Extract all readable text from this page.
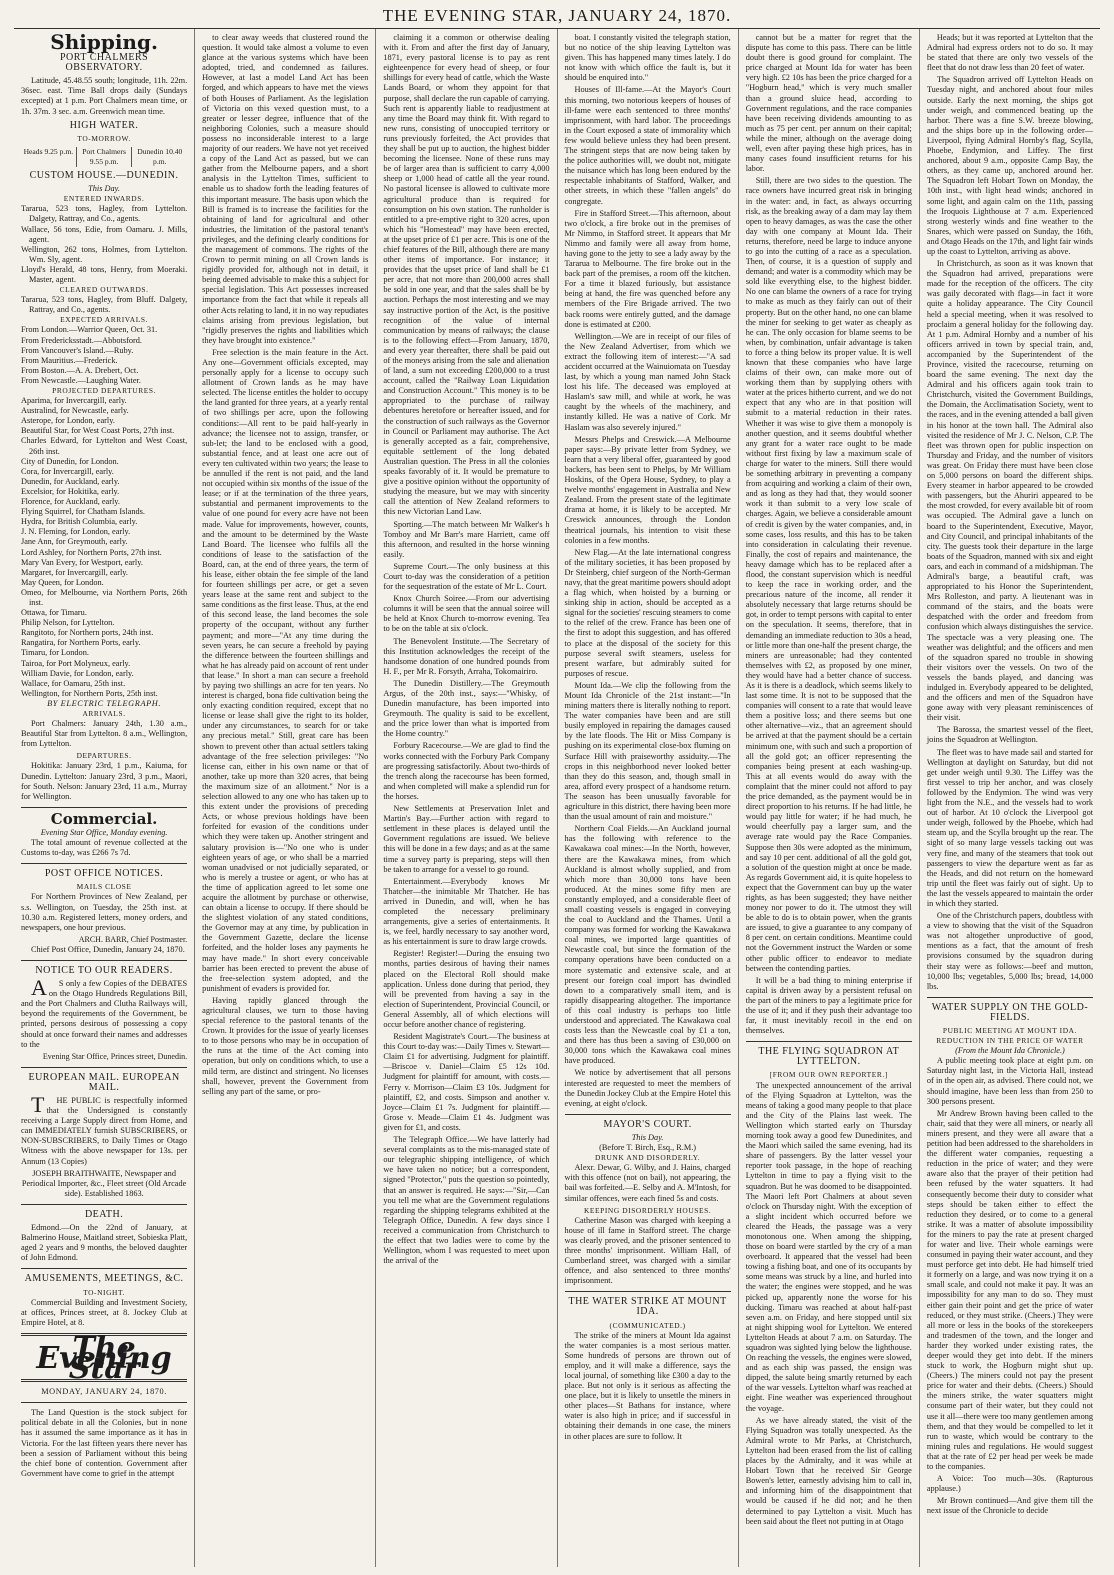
THE EVENING STAR, JANUARY 24, 1870.
Shipping.
PORT CHALMERS OBSERVATORY.

Latitude, 45.48.55 south; longitude, 11h. 22m. 36sec. east. Time Ball drops daily (Sundays excepted) at 1 p.m. Port Chalmers mean time, or 1h. 37m. 3 sec. a.m. Greenwich mean time.

HIGH WATER.
TO-MORROW.
Heads 9.25 p.m.	Port Chalmers 9.55 p.m.
Dunedin 10.40 p.m.
CUSTOM HOUSE.—DUNEDIN.
This Day.
ENTERED INWARDS.

Tararua, 523 tons, Hagley, from Lyttelton. Dalgety, Rattray, and Co., agents.

Wallace, 56 tons, Edie, from Oamaru. J. Mills, agent.

Wellington, 262 tons, Holmes, from Lyttelton. Wm. Sly, agent.

Lloyd's Herald, 48 tons, Henry, from Moeraki. Master, agent.

CLEARED OUTWARDS.

Tararua, 523 tons, Hagley, from Bluff. Dalgety, Rattray, and Co., agents.

EXPECTED ARRIVALS.

From London.—Warrior Queen, Oct. 31.

From Fredericksstadt.—Abbotsford.

From Vancouver's Island.—Ruby.

From Mauritius.—Frederick.

From Boston.—A. A. Drebert, Oct.

From Newcastle.—Laughing Water.

PROJECTED DEPARTURES.

Aparima, for Invercargill, early.

Australind, for Newcastle, early.

Asterope, for London, early.

Beautiful Star, for West Coast Ports, 27th inst.

Charles Edward, for Lyttelton and West Coast, 26th inst.

City of Dunedin, for London.

Cora, for Invercargill, early.

Dunedin, for Auckland, early.

Excelsior, for Hokitika, early.

Florence, for Auckland, early.

Flying Squirrel, for Chatham Islands.

Hydra, for British Columbia, early.

J. N. Fleming, for London, early.

Jane Ann, for Greymouth, early.

Lord Ashley, for Northern Ports, 27th inst.

Mary Van Every, for Westport, early.

Margaret, for Invercargill, early.

May Queen, for London.

Omeo, for Melbourne, via Northern Ports, 26th inst.

Ottawa, for Timaru.

Philip Nelson, for Lyttelton.

Rangitoto, for Northern ports, 24th inst.

Rangatira, for Northern Ports, early.

Timaru, for London.

Tairoa, for Port Molyneux, early.

William Davie, for London, early.

Wallace, for Oamaru, 25th inst.

Wellington, for Northern Ports, 25th inst.

BY ELECTRIC TELEGRAPH.
ARRIVALS.

Port Chalmers: January 24th, 1.30 a.m., Beautiful Star from Lyttelton. 8 a.m., Wellington, from Lyttelton.

DEPARTURES.

Hokitika: January 23rd, 1 p.m., Kaiuma, for Dunedin. Lyttelton: January 23rd, 3 p.m., Maori, for South. Nelson: January 23rd, 11 a.m., Murray for Wellington.

Commercial.
Evening Star Office, Monday evening.

The total amount of revenue collected at the Customs to-day, was £266 7s 7d.

POST OFFICE NOTICES.
MAILS CLOSE

For Northern Provinces of New Zealand, per s.s. Wellington, on Tuesday, the 25th inst. at 10.30 a.m. Registered letters, money orders, and newspapers, one hour previous.

ARCH. BARR, Chief Postmaster.

Chief Post Office, Dunedin, January 24, 1870.

NOTICE TO OUR READERS.

A S only a few Copies of the DEBATES on the Otago Hundreds Regulations Bill, and the Port Chalmers and Clutha Railways will, beyond the requirements of the Government, be printed, persons desirous of possessing a copy should at once forward their names and addresses to the

Evening Star Office, Princes street, Dunedin.
EUROPEAN MAIL. EUROPEAN MAIL.

T HE PUBLIC is respectfully informed that the Undersigned is constantly receiving a Large Supply direct from Home, and can IMMEDIATELY furnish SUBSCRIBERS, or NON-SUBSCRIBERS, to Daily Times or Otago Witness with the above newspaper for 13s. per Annum (13 Copies)

JOSEPH BRAITHWAITE, Newspaper and Periodical Importer, &c., Fleet street (Old Arcade side). Established 1863.
DEATH.

Edmond.—On the 22nd of January, at Balmerino House, Maitland street, Sobieska Platt, aged 2 years and 9 months, the beloved daughter of John Edmond.

AMUSEMENTS, MEETINGS, &C.
TO-NIGHT.

Commercial Building and Investment Society, at offices, Princes street, at 8. Jockey Club at Empire Hotel, at 8.

The Evening Star
MONDAY, JANUARY 24, 1870.

The Land Question is the stock subject for political debate in all the Colonies, but in none has it assumed the same importance as it has in Victoria. For the last fifteen years there never has been a session of Parliament without this being the chief bone of contention. Government after Government have come to grief in the attempt

to clear away weeds that clustered round the question. It would take almost a volume to even glance at the various systems which have been adopted, tried, and condemned as failures. However, at last a model Land Act has been forged, and which appears to have met the views of both Houses of Parliament. As the legislation of Victoria on this vexed question must, to a greater or lesser degree, influence that of the neighboring Colonies, such a measure should possess no inconsiderable interest to a large majority of our readers. We have not yet received a copy of the Land Act as passed, but we can gather from the Melbourne papers, and a short analysis in the Lyttelton Times, sufficient to enable us to shadow forth the leading features of this important measure. The basis upon which the Bill is framed is to increase the facilities for the obtaining of land for agricultural and other industries, the limitation of the pastoral tenant's privileges, and the defining clearly conditions for the management of commons. The rights of the Crown to permit mining on all Crown lands is rigidly provided for, although not in detail, it being deemed advisable to make this a subject for special legislation. This Act possesses increased importance from the fact that while it repeals all other Acts relating to land, it in no way repudiates claims arising from previous legislation, but "rigidly preserves the rights and liabilities which they have brought into existence."

Free selection is the main feature in the Act. Any one—Government officials excepted, may personally apply for a license to occupy such allotment of Crown lands as he may have selected. The license entitles the holder to occupy the land granted for three years, at a yearly rental of two shillings per acre, upon the following conditions:—All rent to be paid half-yearly in advance; the licensee not to assign, transfer, or sub-let; the land to be enclosed with a good, substantial fence, and at least one acre out of every ten cultivated within two years; the lease to be annulled if the rent is not paid, and the land not occupied within six months of the issue of the lease; or if at the termination of the three years, substantial and permanent improvements to the value of one pound for every acre have not been made. Value for improvements, however, counts, and the amount to be determined by the Waste Land Board. The licensee who fulfils all the conditions of lease to the satisfaction of the Board, can, at the end of three years, the term of his lease, either obtain the fee simple of the land for fourteen shillings per acre, or get a seven years lease at the same rent and subject to the same conditions as the first lease. Thus, at the end of this second lease, the land becomes the sole property of the occupant, without any further payment; and more—"At any time during the seven years, he can secure a freehold by paying the difference between the fourteen shillings and what he has already paid on account of rent under that lease." In short a man can secure a freehold by paying two shillings an acre for ten years. No interest is charged, bona fide cultivation being the only exacting condition required, except that no license or lease shall give the right to its holder, under any circumstances, to search for or take any precious metal." Still, great care has been shown to prevent other than actual settlers taking advantage of the free selection privileges: "No license can, either in his own name or that of another, take up more than 320 acres, that being the maximum size of an allotment." Nor is a selection allowed to any one who has taken up to this extent under the provisions of preceding Acts, or whose previous holdings have been forfeited for evasion of the conditions under which they were taken up. Another stringent and salutary provision is—"No one who is under eighteen years of age, or who shall be a married woman unadvised or not judicially separated, or who is merely a trustee or agent, or who has at the time of application agreed to let some one acquire the allotment by purchase or otherwise, can obtain a license to occupy. If there should be the slightest violation of any stated conditions, the Governor may at any time, by publication in the Government Gazette, declare the license forfeited, and the holder loses any payments he may have made." In short every conceivable barrier has been erected to prevent the abuse of the free-selection system adopted, and the punishment of evaders is provided for.

Having rapidly glanced through the agricultural clauses, we turn to those having special reference to the pastoral tenants of the Crown. It provides for the issue of yearly licenses to to those persons who may be in occupation of the runs at the time of the Act coming into operation, but only on conditions which, to use a mild term, are distinct and stringent. No licenses shall, however, prevent the Government from selling any part of the same, or pro-

claiming it a common or otherwise dealing with it. From and after the first day of January, 1871, every pastoral license is to pay as rent eighteenpence for every head of sheep, or four shillings for every head of cattle, which the Waste Lands Board, or whom they appoint for that purpose, shall declare the run capable of carrying. Such rent is apparently liable to readjustment at any time the Board may think fit. With regard to new runs, consisting of unoccupied territory or runs previously forfeited, the Act provides that they shall be put up to auction, the highest bidder becoming the licensee. None of these runs may be of larger area than is sufficient to carry 4,000 sheep or 1,000 head of cattle all the year round. No pastoral licensee is allowed to cultivate more agricultural produce than is required for consumption on his own station. The runholder is entitled to a pre-emptive right to 320 acres, upon which his "Homestead" may have been erected, at the upset price of £1 per acre. This is one of the chief features of the Bill, although there are many other items of importance. For instance; it provides that the upset price of land shall be £1 per acre, that not more than 200,000 acres shall be sold in one year, and that the sales shall be by auction. Perhaps the most interesting and we may say instructive portion of the Act, is the positive recognition of the value of internal communication by means of railways; the clause is to the following effect—From January, 1870, and every year thereafter, there shall be paid out of the moneys arising from the sale and alienation of land, a sum not exceeding £200,000 to a trust account, called the "Railway Loan Liquidation and Construction Account." This money is to be appropriated to the purchase of railway debentures heretofore or hereafter issued, and for the construction of such railways as the Governor in Council or Parliament may authorise. The Act is generally accepted as a fair, comprehensive, equitable settlement of the long debated Australian question. The Press in all the colonies speaks favorably of it. It would be premature to give a positive opinion without the opportunity of studying the measure, but we may with sincerity call the attention of New Zealand reformers to this new Victorian Land Law.

Sporting.—The match between Mr Walker's h Tomboy and Mr Barr's mare Harriett, came off this afternoon, and resulted in the horse winning easily.

Supreme Court.—The only business at this Court to-day was the consideration of a petition for the sequestration of the estate of Mr L. Court.

Knox Church Soiree.—From our advertising columns it will be seen that the annual soiree will be held at Knox Church to-morrow evening. Tea to be on the table at six o'clock.

The Benevolent Institute.—The Secretary of this Institution acknowledges the receipt of the handsome donation of one hundred pounds from H. F., per Mr R. Forsyth, Arraha, Tokomairiro.

The Dunedin Distillery.—The Greymouth Argus, of the 20th inst., says:—"Whisky, of Dunedin manufacture, has been imported into Greymouth. The quality is said to be excellent, and the price lower than what is imported from the Home country."

Forbury Racecourse.—We are glad to find the works connected with the Forbury Park Company are progressing satisfactorily. About two-thirds of the trench along the racecourse has been formed, and when completed will make a splendid run for the horses.

New Settlements at Preservation Inlet and Martin's Bay.—Further action with regard to settlement in these places is delayed until the Government regulations are issued. We believe this will be done in a few days; and as at the same time a survey party is preparing, steps will then be taken to arrange for a vessel to go round.

Entertainment.—Everybody knows Mr Thatcher—the inimitable Mr Thatcher. He has arrived in Dunedin, and will, when he has completed the necessary preliminary arrangements, give a series of entertainments. It is, we feel, hardly necessary to say another word, as his entertainment is sure to draw large crowds.

Register! Register!—During the ensuing two months, parties desirous of having their names placed on the Electoral Roll should make application. Unless done during that period, they will be prevented from having a say in the election of Superintendent, Provincial Council, or General Assembly, all of which elections will occur before another chance of registering.

Resident Magistrate's Court.—The business at this Court to-day was:—Daily Times v. Stewart—Claim £1 for advertising. Judgment for plaintiff.—Briscoe v. Daniel—Claim £5 12s 10d. Judgment for plaintiff for amount, with costs.—Ferry v. Morrison—Claim £3 10s. Judgment for plaintiff, £2, and costs. Simpson and another v. Joyce—Claim £1 7s. Judgment for plaintiff.—Grose v. Meade—Claim £1 4s. Judgment was given for £1, and costs.

The Telegraph Office.—We have latterly had several complaints as to the mis-managed state of our telegraphic shipping intelligence, of which we have taken no notice; but a correspondent, signed "Protector," puts the question so pointedly, that an answer is required. He says:—"Sir,—Can you tell me what are the Government regulations regarding the shipping telegrams exhibited at the Telegraph Office, Dunedin. A few days since I received a communication from Christchurch to the effect that two ladies were to come by the Wellington, whom I was requested to meet upon the arrival of the

boat. I constantly visited the telegraph station, but no notice of the ship leaving Lyttelton was given. This has happened many times lately. I do not know with which office the fault is, but it should be enquired into."

Houses of Ill-fame.—At the Mayor's Court this morning, two notorious keepers of houses of ill-fame were each sentenced to three months' imprisonment, with hard labor. The proceedings in the Court exposed a state of immorality which few would believe unless they had been present. The stringent steps that are now being taken by the police authorities will, we doubt not, mitigate the nuisance which has long been endured by the respectable inhabitants of Stafford, Walker, and other streets, in which these "fallen angels" do congregate.

Fire in Stafford Street.—This afternoon, about two o'clock, a fire broke out in the premises of Mr Nimmo, in Stafford street. It appears that Mr Nimmo and family were all away from home, having gone to the jetty to see a lady away by the Tararua to Melbourne. The fire broke out in the back part of the premises, a room off the kitchen. For a time it blazed furiously, but assistance being at hand, the fire was quenched before any members of the Fire Brigade arrived. The two back rooms were entirely gutted, and the damage done is estimated at £200.

Wellington.—We are in receipt of our files of the New Zealand Advertiser, from which we extract the following item of interest:—"A sad accident occurred at the Wainuiomata on Tuesday last, by which a young man named John Stack lost his life. The deceased was employed at Haslam's saw mill, and while at work, he was caught by the wheels of the machinery, and instantly killed. He was a native of Cork. Mr Haslam was also severely injured."

Messrs Phelps and Creswick.—A Melbourne paper says:—By private letter from Sydney, we learn that a very liberal offer, guaranteed by good backers, has been sent to Phelps, by Mr William Hoskins, of the Opera House, Sydney, to play a twelve months' engagement in Australia and New Zealand. From the present state of the legitimate drama at home, it is likely to be accepted. Mr Creswick announces, through the London theatrical journals, his intention to visit these colonies in a few months.

New Flag.—At the late international congress of the military societies, it has been proposed by Dr Steinberg, chief surgeon of the North-German navy, that the great maritime powers should adopt a flag which, when hoisted by a burning or sinking ship in action, should be accepted as a signal for the societies' rescuing steamers to come to the relief of the crew. France has been one of the first to adopt this suggestion, and has offered to place at the disposal of the society for this purpose several swift steamers, useless for present warfare, but admirably suited for purposes of rescue.

Mount Ida.—We clip the following from the Mount Ida Chronicle of the 21st instant:—"In mining matters there is literally nothing to report. The water companies have been and are still busily employed in repairing the damages caused by the late floods. The Hit or Miss Company is pushing on its experimental close-box fluming on Surface Hill with praiseworthy assiduity.—The crops in this neighborhood never looked better than they do this season, and, though small in area, afford every prospect of a handsome return. The season has been unusually favorable for agriculture in this district, there having been more than the usual amount of rain and moisture."

Northern Coal Fields.—An Auckland journal has the following with reference to the Kawakawa coal mines:—In the North, however, there are the Kawakawa mines, from which Auckland is almost wholly supplied, and from which more than 30,000 tons have been produced. At the mines some fifty men are constantly employed, and a considerable fleet of small coasting vessels is engaged in conveying the coal to Auckland and the Thames. Until a company was formed for working the Kawakawa coal mines, we imported large quantities of Newcastle coal, but since the formation of the company operations have been conducted on a more systematic and extensive scale, and at present our foreign coal import has dwindled down to a comparatively small item, and is rapidly disappearing altogether. The importance of this coal industry is perhaps too little understood and appreciated. The Kawakawa coal costs less than the Newcastle coal by £1 a ton, and there has thus been a saving of £30,000 on 30,000 tons which the Kawakawa coal mines have produced.

We notice by advertisement that all persons interested are requested to meet the members of the Dunedin Jockey Club at the Empire Hotel this evening, at eight o'clock.

MAYOR'S COURT.
This Day.
(Before T. Birch, Esq., R.M.)
DRUNK AND DISORDERLY.

Alexr. Dewar, G. Wilby, and J. Hains, charged with this offence (not on bail), not appearing, the bail was forfeited.—E. Selby and A. M'Intosh, for similar offences, were each fined 5s and costs.

KEEPING DISORDERLY HOUSES.

Catherine Mason was charged with keeping a house of ill fame in Stafford street. The charge was clearly proved, and the prisoner sentenced to three months' imprisonment. William Hall, of Cumberland street, was charged with a similar offence, and also sentenced to three months' imprisonment.

THE WATER STRIKE AT MOUNT IDA.
(COMMUNICATED.)

The strike of the miners at Mount Ida against the water companies is a most serious matter. Some hundreds of persons are thrown out of employ, and it will make a difference, says the local journal, of something like £300 a day to the place. But not only is it serious as affecting the one place, but it is likely to unsettle the miners in other places—St Bathans for instance, where water is also high in price; and if successful in obtaining their demands in one case, the miners in other places are sure to follow. It

cannot but be a matter for regret that the dispute has come to this pass. There can be little doubt there is good ground for complaint. The price charged at Mount Ida for water has been very high. £2 10s has been the price charged for a "Hogburn head," which is very much smaller than a ground sluice head, according to Government regulations, and the race companies have been receiving dividends amounting to as much as 75 per cent. per annum on their capital; while the miner, although on the average doing well, even after paying these high prices, has in many cases found insufficient returns for his labor.

Still, there are two sides to the question. The race owners have incurred great risk in bringing in the water: and, in fact, as always occurring risk, as the breaking away of a dam may lay them open to heavy damages, as was the case the other day with one company at Mount Ida. Their returns, therefore, need be large to induce anyone to go into the cutting of a race as a speculation. Then, of course, it is a question of supply and demand; and water is a commodity which may be sold like everything else, to the highest bidder. No one can blame the owners of a race for trying to make as much as they fairly can out of their property. But on the other hand, no one can blame the miner for seeking to get water as cheaply as he can. The only occasion for blame seems to be when, by combination, unfair advantage is taken to force a thing below its proper value. It is well known that these companies who have large claims of their own, can make more out of working them than by supplying others with water at the prices hitherto current, and we do not expect that any who are in that position will submit to a material reduction in their rates. Whether it was wise to give them a monopoly is another question, and it seems doubtful whether any grant for a water race ought to be made without first fixing by law a maximum scale of charge for water to the miners. Still there would be something arbitrary in preventing a company from acquiring and working a claim of their own, and as long as they had that, they would sooner work it than submit to a very low scale of charges. Again, we believe a considerable amount of credit is given by the water companies, and, in some cases, loss results, and this has to be taken into consideration in calculating their revenue. Finally, the cost of repairs and maintenance, the heavy damage which has to be replaced after a flood, the constant supervision which is needful to keep the race in working order, and the precarious nature of the income, all render it absolutely necessary that large returns should be got, in order to tempt persons with capital to enter on the speculation. It seems, therefore, that in demanding an immediate reduction to 30s a head, or little more than one-half the present charge, the miners are unreasonable; had they contented themselves with £2, as proposed by one miner, they would have had a better chance of success. As it is there is a deadlock, which seems likely to last some time. It is not to be supposed that the companies will consent to a rate that would leave them a positive loss; and there seems but one other alternative—viz., that an agreement should be arrived at that the payment should be a certain minimum one, with such and such a proportion of all the gold got; an officer representing the companies being present at each washing-up. This at all events would do away with the complaint that the miner could not afford to pay the price demanded, as the payment would be in direct proportion to his returns. If he had little, he would pay little for water; if he had much, he would cheerfully pay a larger sum, and the average rate would pay the Race Companies. Suppose then 30s were adopted as the minimum, and say 10 per cent. additional of all the gold got, a solution of the question might at once be made. As regards Government aid, it is quite hopeless to expect that the Government can buy up the water rights, as has been suggested; they have neither money nor power to do it. The utmost they will be able to do is to obtain power, when the grants are issued, to give a guarantee to any company of 8 per cent. on certain conditions. Meantime could not the Government instruct the Warden or some other public officer to endeavor to mediate between the contending parties.

It will be a bad thing to mining enterprise if capital is driven away by a persistent refusal on the part of the miners to pay a legitimate price for the use of it; and if they push their advantage too far, it must inevitably recoil in the end on themselves.

THE FLYING SQUADRON AT LYTTELTON.
[FROM OUR OWN REPORTER.]

The unexpected announcement of the arrival of the Flying Squadron at Lyttelton, was the means of taking a good many people to that place and the City of the Plains last week. The Wellington which started early on Thursday morning took away a good few Dunedinites, and the Maori which sailed the same evening, had its share of passengers. By the latter vessel your reporter took passage, in the hope of reaching Lyttelton in time to pay a flying visit to the squadron. But he was doomed to be disappointed. The Maori left Port Chalmers at about seven o'clock on Thursday night. With the exception of a slight incident which occurred before we cleared the Heads, the passage was a very monotonous one. When among the shipping, those on board were startled by the cry of a man overboard. It appeared that the vessel had been towing a fishing boat, and one of its occupants by some means was struck by a line, and hurled into the water; the engines were stopped, and he was picked up, apparently none the worse for his ducking. Timaru was reached at about half-past seven a.m. on Friday, and here stopped until six at night shipping wool for Lyttelton. We entered Lyttelton Heads at about 7 a.m. on Saturday. The squadron was sighted lying below the lighthouse. On reaching the vessels, the engines were slowed, and as each ship was passed, the ensign was dipped, the salute being smartly returned by each of the war vessels. Lyttelton wharf was reached at eight. Fine weather was experienced throughout the voyage.

As we have already stated, the visit of the Flying Squadron was totally unexpected. As the Admiral wrote to Mr Parks, at Christchurch, Lyttelton had been erased from the list of calling places by the Admiralty, and it was while at Hobart Town that he received Sir George Bowen's letter, earnestly advising him to call in, and informing him of the disappointment that would be caused if he did not; and he then determined to pay Lyttelton a visit. Much has been said about the fleet not putting in at Otago

Heads; but it was reported at Lyttelton that the Admiral had express orders not to do so. It may be stated that there are only two vessels of the fleet that do not draw less than 20 feet of water.

The Squadron arrived off Lyttelton Heads on Tuesday night, and anchored about four miles outside. Early the next morning, the ships got under weigh, and commenced beating up the harbor. There was a fine S.W. breeze blowing, and the ships bore up in the following order—Liverpool, flying Admiral Hornby's flag, Scylla, Phoebe, Endymion, and Liffey. The first anchored, about 9 a.m., opposite Camp Bay, the others, as they came up, anchored around her. The Squadron left Hobart Town on Monday, the 10th inst., with light head winds; anchored in some light, and again calm on the 11th, passing the Iroquois Lighthouse at 7 a.m. Experienced strong westerly winds and fine weather to the Snares, which were passed on Sunday, the 16th, and Otago Heads on the 17th, and light fair winds up the coast to Lyttelton, arriving as above.

In Christchurch, as soon as it was known that the Squadron had arrived, preparations were made for the reception of the officers. The city was gaily decorated with flags—in fact it wore quite a holiday appearance. The City Council held a special meeting, when it was resolved to proclaim a general holiday for the following day. At 1 p.m. Admiral Hornby and a number of his officers arrived in town by special train, and, accompanied by the Superintendent of the Province, visited the racecourse, returning on board the same evening. The next day the Admiral and his officers again took train to Christchurch, visited the Government Buildings, the Domain, the Acclimatisation Society, went to the races, and in the evening attended a ball given in his honor at the town hall. The Admiral also visited the residence of Mr J. C. Nelson, C.P. The fleet was thrown open for public inspection on Thursday and Friday, and the number of visitors was great. On Friday there must have been close on 5,000 persons on board the different ships. Every steamer in harbor appeared to be crowded with passengers, but the Ahuriri appeared to be the most crowded, for every available bit of room was occupied. The Admiral gave a lunch on board to the Superintendent, Executive, Mayor, and City Council, and principal inhabitants of the city. The guests took their departure in the large boats of the Squadron, manned with six and eight oars, and each in command of a midshipman. The Admiral's barge, a beautiful craft, was appropriated to his Honor the Superintendent, Mrs Rolleston, and party. A lieutenant was in command of the stairs, and the boats were despatched with the order and freedom from confusion which always distinguishes the service. The spectacle was a very pleasing one. The weather was delightful; and the officers and men of the squadron spared no trouble in showing their visitors over the vessels. On two of the vessels the bands played, and dancing was indulged in. Everybody appeared to be delighted, and the officers and men of the Squadron have gone away with very pleasant reminiscences of their visit.

The Barossa, the smartest vessel of the fleet, joins the Squadron at Wellington.

The fleet was to have made sail and started for Wellington at daylight on Saturday, but did not get under weigh until 9.30. The Liffey was the first vessel to trip her anchor, and was closely followed by the Endymion. The wind was very light from the N.E., and the vessels had to work out of harbor. At 10 o'clock the Liverpool got under weigh, followed by the Phoebe, which had steam up, and the Scylla brought up the rear. The sight of so many large vessels tacking out was very fine, and many of the steamers that took out passengers to view the departure went as far as the Heads, and did not return on the homeward trip until the fleet was fairly out of sight. Up to the last the vessels appeared to maintain the order in which they started.

One of the Christchurch papers, doubtless with a view to showing that the visit of the Squadron was not altogether unproductive of good, mentions as a fact, that the amount of fresh provisions consumed by the squadron during their stay were as follows:—beef and mutton, 10,000 lbs; vegetables, 5,000 lbs; bread, 14,000 lbs.

WATER SUPPLY ON THE GOLD-FIELDS.
PUBLIC MEETING AT MOUNT IDA.
REDUCTION IN THE PRICE OF WATER
(From the Mount Ida Chronicle.)

A public meeting took place at eight p.m. on Saturday night last, in the Victoria Hall, instead of in the open air, as advised. There could not, we should imagine, have been less than from 250 to 300 persons present.

Mr Andrew Brown having been called to the chair, said that they were all miners, or nearly all miners present, and they were all aware that a petition had been addressed to the shareholders in the different water companies, requesting a reduction in the price of water; and they were aware also that the prayer of their petition had been refused by the water squatters. It had consequently become their duty to consider what steps should be taken either to effect the reduction they desired, or to come to a general strike. It was a matter of absolute impossibility for the miners to pay the rate at present charged for water and live. Their whole earnings were consumed in paying their water account, and they must perforce get into debt. He had himself tried it formerly on a large, and was now trying it on a small scale, and could not make it pay. It was an impossibility for any man to do so. They must either gain their point and get the price of water reduced, or they must strike. (Cheers.) They were all more or less in the books of the storekeepers and tradesmen of the town, and the longer and harder they worked under existing rates, the deeper would they get into debt. If the miners stuck to work, the Hogburn might shut up. (Cheers.) The miners could not pay the present price for water and their debts. (Cheers.) Should the miners strike, the water squatters might consume part of their water, but they could not use it all—there were too many gentlemen among them, and that they would be compelled to let it run to waste, which would be contrary to the mining rules and regulations. He would suggest that at the rate of £2 per head per week be made to the companies.

A Voice: Too much—30s. (Rapturous applause.)

Mr Brown continued—And give them till the next issue of the Chronicle to decide
